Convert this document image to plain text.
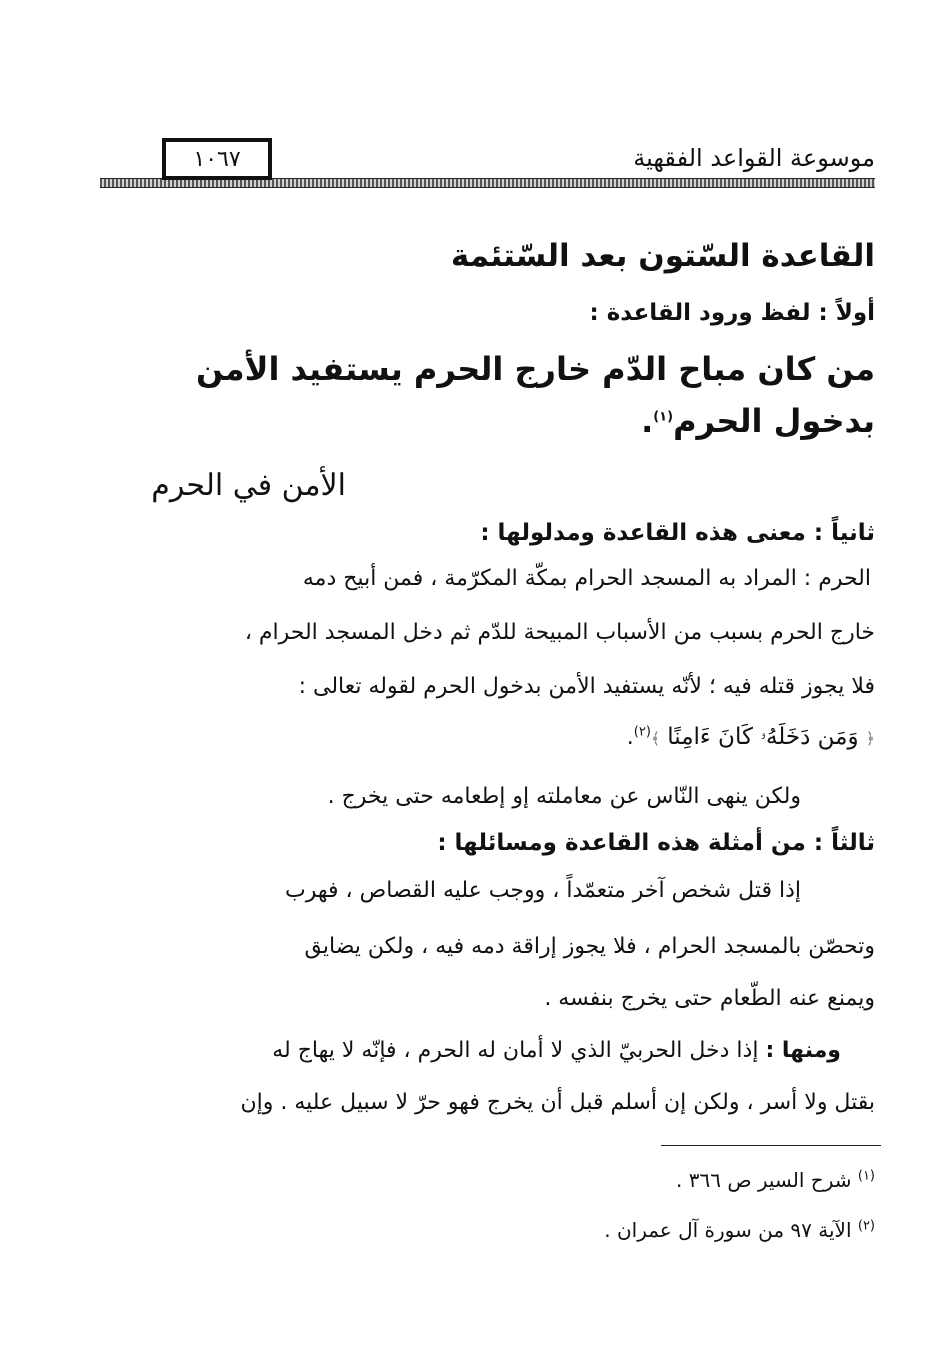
موسوعة القواعد الفقهية
١٠٦٧
القاعدة السّتون بعد السّتئمة
أولاً : لفظ ورود القاعدة :
من كان مباح الدّم خارج الحرم يستفيد الأمن
بدخول الحرم$^{(١)}$.
الأمن في الحرم
ثانياً : معنى هذه القاعدة ومدلولها :
الحرم : المراد به المسجد الحرام بمكّة المكرّمة ، فمن أبيح دمه
خارج الحرم بسبب من الأسباب المبيحة للدّم ثم دخل المسجد الحرام ،
فلا يجوز قتله فيه ؛ لأنّه يستفيد الأمن بدخول الحرم لقوله تعالى :
﴿ وَمَن دَخَلَهُۥ كَانَ ءَامِنًا ﴾$^{(٢)}$.
ولكن ينهى النّاس عن معاملته إو إطعامه حتى يخرج .
ثالثاً : من أمثلة هذه القاعدة ومسائلها :
إذا قتل شخص آخر متعمّداً ، ووجب عليه القصاص ، فهرب
وتحصّن بالمسجد الحرام ، فلا يجوز إراقة دمه فيه ، ولكن يضايق
ويمنع عنه الطّعام حتى يخرج بنفسه .
ومنها : إذا دخل الحربيّ الذي لا أمان له الحرم ، فإنّه لا يهاج له
بقتل ولا أسر ، ولكن إن أسلم قبل أن يخرج فهو حرّ لا سبيل عليه . وإن
$^{(١)}$ شرح السير ص ٣٦٦ .
$^{(٢)}$ الآية ٩٧ من سورة آل عمران .
